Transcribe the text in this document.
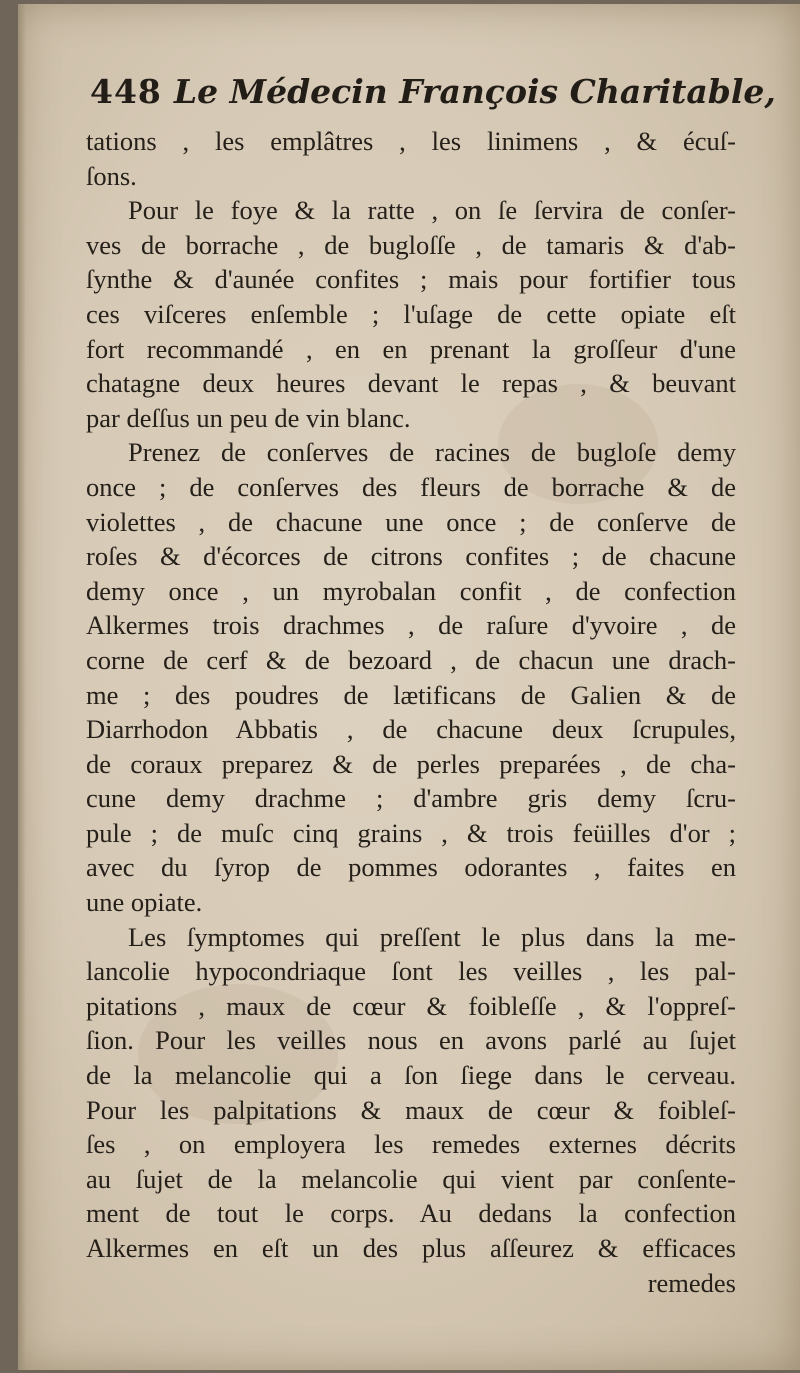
448 Le Médecin François Charitable,
tations , les emplâtres , les linimens , & écuſ-
ſons.
Pour le foye & la ratte , on ſe ſervira de conſer-
ves de borrache , de bugloſſe , de tamaris & d'ab-
ſynthe & d'aunée confites ; mais pour fortifier tous
ces viſceres enſemble ; l'uſage de cette opiate eſt
fort recommandé , en en prenant la groſſeur d'une
chatagne deux heures devant le repas , & beuvant
par deſſus un peu de vin blanc.
Prenez de conſerves de racines de bugloſe demy
once ; de conſerves des fleurs de borrache & de
violettes , de chacune une once ; de conſerve de
roſes & d'écorces de citrons confites ; de chacune
demy once , un myrobalan confit , de confection
Alkermes trois drachmes , de raſure d'yvoire , de
corne de cerf & de bezoard , de chacun une drach-
me ; des poudres de lætificans de Galien & de
Diarrhodon Abbatis , de chacune deux ſcrupules,
de coraux preparez & de perles preparées , de cha-
cune demy drachme ; d'ambre gris demy ſcru-
pule ; de muſc cinq grains , & trois feüilles d'or ;
avec du ſyrop de pommes odorantes , faites en
une opiate.
Les ſymptomes qui preſſent le plus dans la me-
lancolie hypocondriaque ſont les veilles , les pal-
pitations , maux de cœur & foibleſſe , & l'oppreſ-
ſion. Pour les veilles nous en avons parlé au ſujet
de la melancolie qui a ſon ſiege dans le cerveau.
Pour les palpitations & maux de cœur & foibleſ-
ſes , on employera les remedes externes décrits
au ſujet de la melancolie qui vient par conſente-
ment de tout le corps. Au dedans la confection
Alkermes en eſt un des plus aſſeurez & efficaces
remedes
